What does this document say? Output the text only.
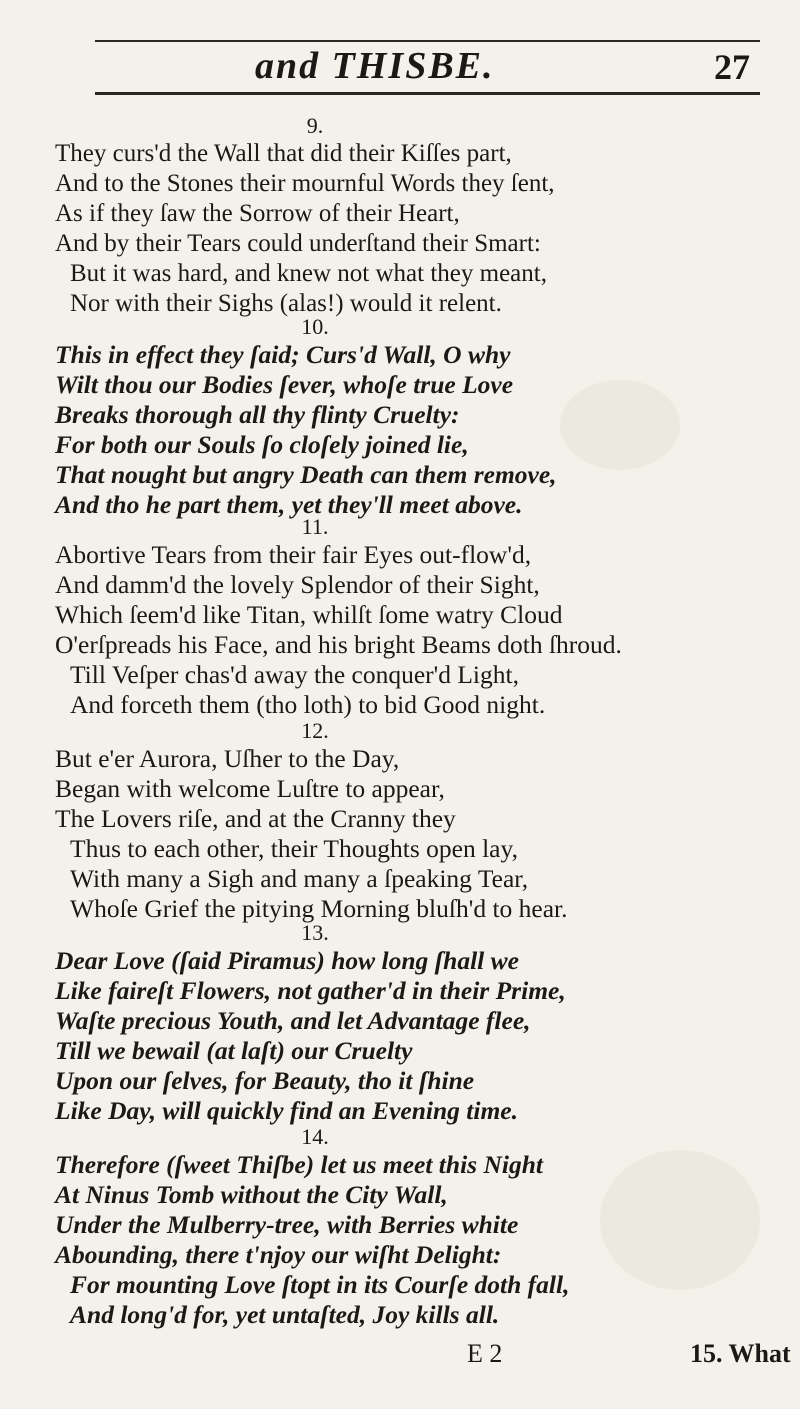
and THISBE.	27
9.
They curs'd the Wall that did their Kiſſes part,
And to the Stones their mournful Words they ſent,
As if they ſaw the Sorrow of their Heart,
And by their Tears could underſtand their Smart:
But it was hard, and knew not what they meant,
Nor with their Sighs (alas!) would it relent.
10.
This in effect they ſaid; Curs'd Wall, O why
Wilt thou our Bodies ſever, whoſe true Love
Breaks thorough all thy flinty Cruelty:
For both our Souls ſo cloſely joined lie,
That nought but angry Death can them remove,
And tho he part them, yet they'll meet above.
11.
Abortive Tears from their fair Eyes out-flow'd,
And damm'd the lovely Splendor of their Sight,
Which ſeem'd like Titan, whilſt ſome watry Cloud
O'erſpreads his Face, and his bright Beams doth ſhroud.
Till Veſper chas'd away the conquer'd Light,
And forceth them (tho loth) to bid Good night.
12.
But e'er Aurora, Uſher to the Day,
Began with welcome Luſtre to appear,
The Lovers riſe, and at the Cranny they
Thus to each other, their Thoughts open lay,
With many a Sigh and many a ſpeaking Tear,
Whoſe Grief the pitying Morning bluſh'd to hear.
13.
Dear Love (ſaid Piramus) how long ſhall we
Like faireſt Flowers, not gather'd in their Prime,
Waſte precious Youth, and let Advantage flee,
Till we bewail (at laſt) our Cruelty
Upon our ſelves, for Beauty, tho it ſhine
Like Day, will quickly find an Evening time.
14.
Therefore (ſweet Thiſbe) let us meet this Night
At Ninus Tomb without the City Wall,
Under the Mulberry-tree, with Berries white
Abounding, there t'njoy our wiſht Delight:
For mounting Love ſtopt in its Courſe doth fall,
And long'd for, yet untaſted, Joy kills all.
E 2	15. What
